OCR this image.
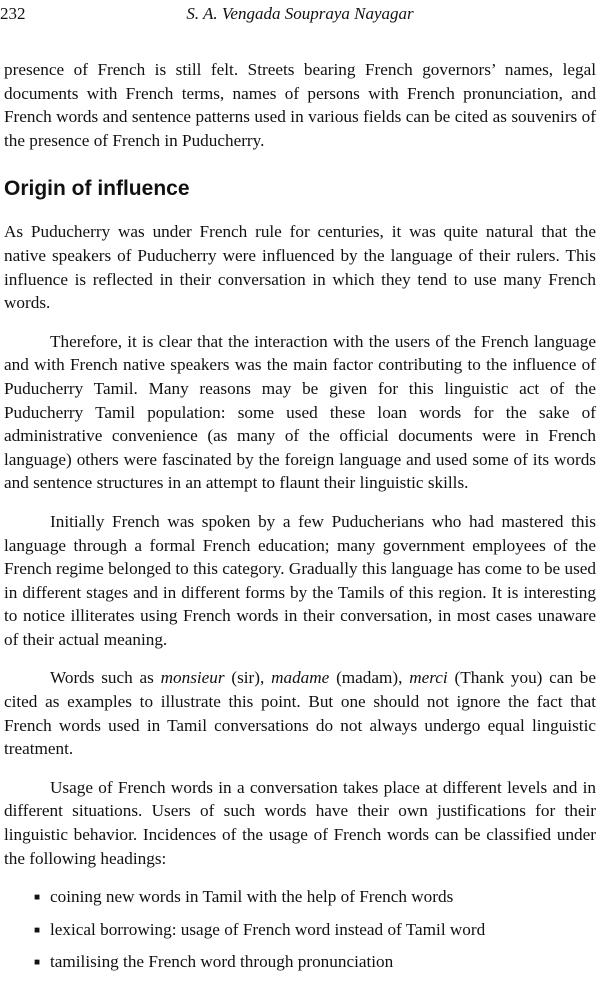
232	S. A. Vengada Soupraya Nayagar

presence of French is still felt. Streets bearing French governors’ names, legal documents with French terms, names of persons with French pronunciation, and French words and sentence patterns used in various fields can be cited as souvenirs of the presence of French in Puducherry.

Origin of influence

As Puducherry was under French rule for centuries, it was quite natural that the native speakers of Puducherry were influenced by the language of their rulers. This influence is reflected in their conversation in which they tend to use many French words.

Therefore, it is clear that the interaction with the users of the French language and with French native speakers was the main factor contributing to the influence of Puducherry Tamil. Many reasons may be given for this linguistic act of the Puducherry Tamil population: some used these loan words for the sake of administrative convenience (as many of the official documents were in French language) others were fascinated by the foreign language and used some of its words and sentence structures in an attempt to flaunt their linguistic skills.

Initially French was spoken by a few Puducherians who had mastered this language through a formal French education; many government employees of the French regime belonged to this category. Gradually this language has come to be used in different stages and in different forms by the Tamils of this region. It is interesting to notice illiterates using French words in their conversation, in most cases unaware of their actual meaning.

Words such as monsieur (sir), madame (madam), merci (Thank you) can be cited as examples to illustrate this point. But one should not ignore the fact that French words used in Tamil conversations do not always undergo equal linguistic treatment.

Usage of French words in a conversation takes place at different levels and in different situations. Users of such words have their own justifications for their linguistic behavior. Incidences of the usage of French words can be classified under the following headings:

■ coining new words in Tamil with the help of French words
■ lexical borrowing: usage of French word instead of Tamil word
■ tamilising the French word through pronunciation
